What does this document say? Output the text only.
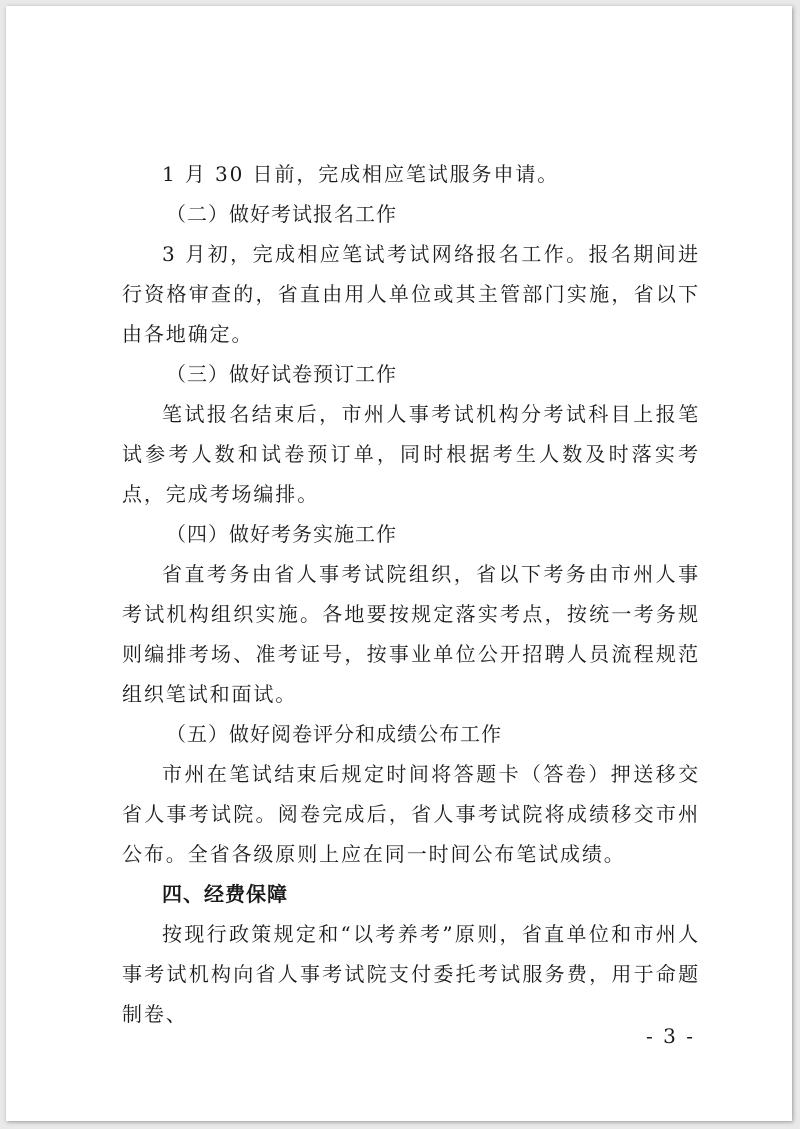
1 月 30 日前，完成相应笔试服务申请。

（二）做好考试报名工作

3 月初，完成相应笔试考试网络报名工作。报名期间进行资格审查的，省直由用人单位或其主管部门实施，省以下由各地确定。

（三）做好试卷预订工作

笔试报名结束后，市州人事考试机构分考试科目上报笔试参考人数和试卷预订单，同时根据考生人数及时落实考点，完成考场编排。

（四）做好考务实施工作

省直考务由省人事考试院组织，省以下考务由市州人事考试机构组织实施。各地要按规定落实考点，按统一考务规则编排考场、准考证号，按事业单位公开招聘人员流程规范组织笔试和面试。

（五）做好阅卷评分和成绩公布工作

市州在笔试结束后规定时间将答题卡（答卷）押送移交省人事考试院。阅卷完成后，省人事考试院将成绩移交市州公布。全省各级原则上应在同一时间公布笔试成绩。

四、经费保障

按现行政策规定和“以考养考”原则，省直单位和市州人事考试机构向省人事考试院支付委托考试服务费，用于命题制卷、

- 3 -
